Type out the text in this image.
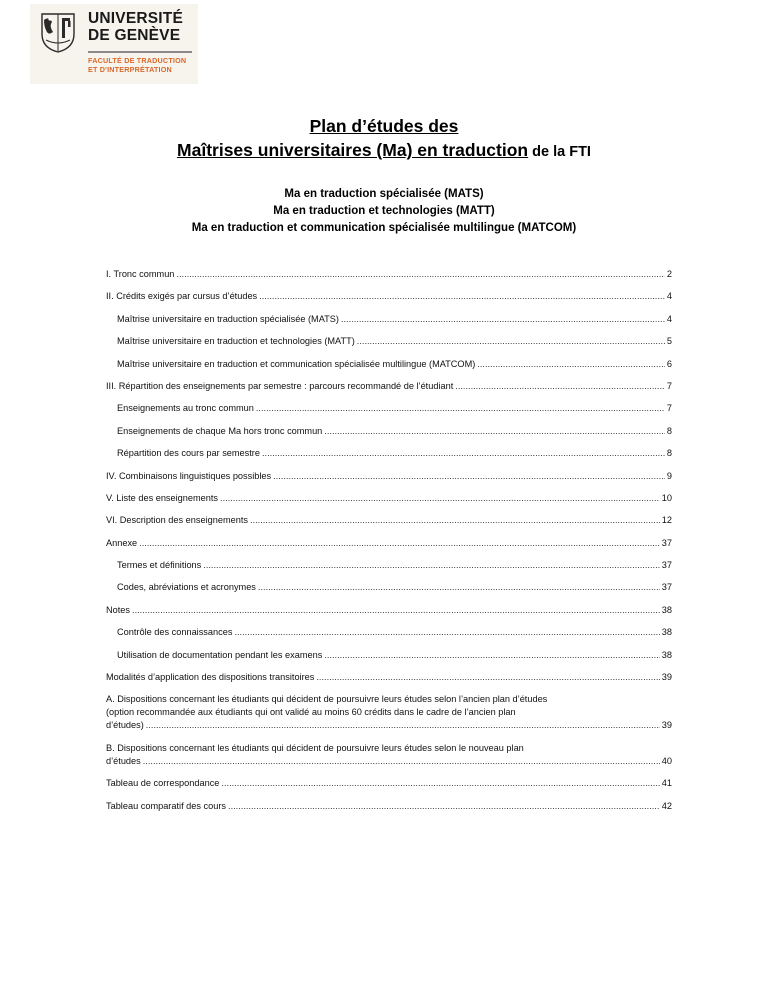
UNIVERSITÉ
DE GENÈVE
FACULTÉ DE TRADUCTION
ET D'INTERPRÉTATION
Plan d’études des
Maîtrises universitaires (Ma) en traduction de la FTI
Ma en traduction spécialisée (MATS)
Ma en traduction et technologies (MATT)
Ma en traduction et communication spécialisée multilingue (MATCOM)
I. Tronc commun .....	2
II. Crédits exigés par cursus d’études .....	4
Maîtrise universitaire en traduction spécialisée (MATS) .....	4
Maîtrise universitaire en traduction et technologies (MATT) .....	5
Maîtrise universitaire en traduction et communication spécialisée multilingue (MATCOM) .....	6
III. Répartition des enseignements par semestre : parcours recommandé de l’étudiant .....	7
Enseignements au tronc commun .....	7
Enseignements de chaque Ma hors tronc commun .....	8
Répartition des cours par semestre .....	8
IV. Combinaisons linguistiques possibles .....	9
V. Liste des enseignements .....	10
VI. Description des enseignements .....	12
Annexe .....	37
Termes et définitions .....	37
Codes, abréviations et acronymes .....	37
Notes .....	38
Contrôle des connaissances .....	38
Utilisation de documentation pendant les examens .....	38
Modalités d’application des dispositions transitoires .....	39
A. Dispositions concernant les étudiants qui décident de poursuivre leurs études selon l’ancien plan d’études
(option recommandée aux étudiants qui ont validé au moins 60 crédits dans le cadre de l’ancien plan
d’études) .....	39
B. Dispositions concernant les étudiants qui décident de poursuivre leurs études selon le nouveau plan
d’études .....	40
Tableau de correspondance .....	41
Tableau comparatif des cours .....	42
